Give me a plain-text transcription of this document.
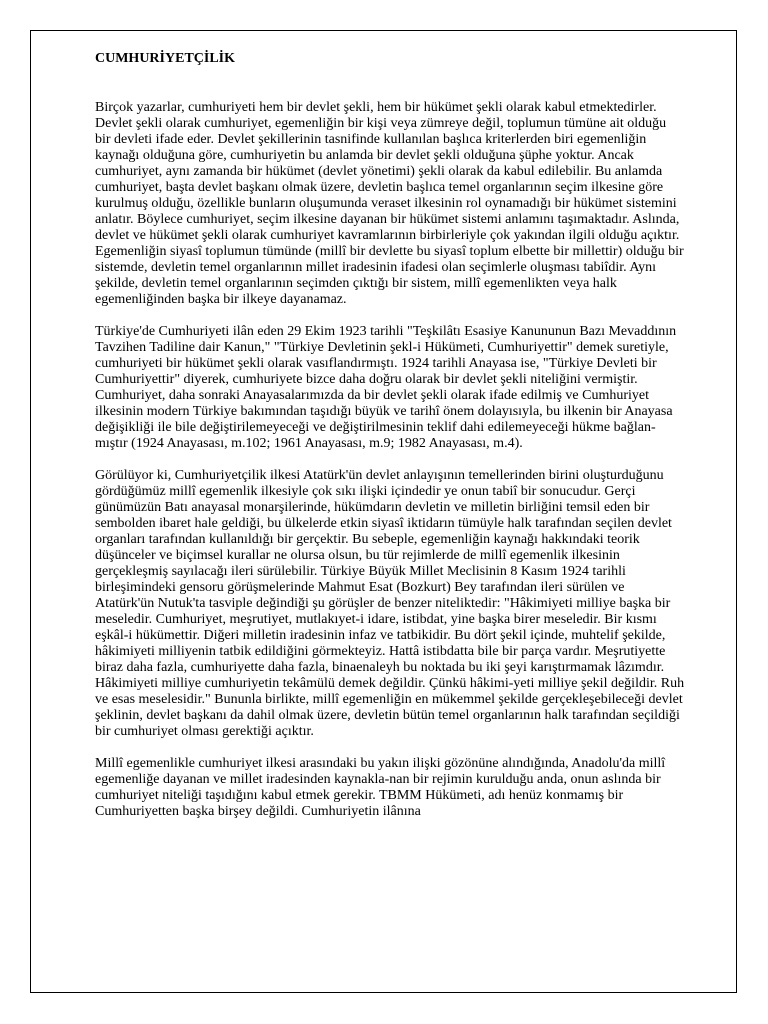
CUMHURİYETÇİLİK

Birçok yazarlar, cumhuriyeti hem bir devlet şekli, hem bir hükümet şekli olarak kabul etmektedirler. Devlet şekli olarak cumhuriyet, egemenliğin bir kişi veya zümreye değil, toplumun tümüne ait olduğu bir devleti ifade eder. Devlet şekillerinin tasnifinde kullanılan başlıca kriterlerden biri egemenliğin kaynağı olduğuna göre, cumhuriyetin bu anlamda bir devlet şekli olduğuna şüphe yoktur. Ancak cumhuriyet, aynı zamanda bir hükümet (devlet yönetimi) şekli olarak da kabul edilebilir. Bu anlamda cumhuriyet, başta devlet başkanı olmak üzere, devletin başlıca temel organlarının seçim ilkesine göre kurulmuş olduğu, özellikle bunların oluşumunda veraset ilkesinin rol oynamadığı bir hükümet sistemini anlatır. Böylece cumhuriyet, seçim ilkesine dayanan bir hükümet sistemi anlamını taşımaktadır. Aslında, devlet ve hükümet şekli olarak cumhuriyet kavramlarının birbirleriyle çok yakından ilgili olduğu açıktır. Egemenliğin siyasî toplumun tümünde (millî bir devlette bu siyasî toplum elbette bir millettir) olduğu bir sistemde, devletin temel organlarının millet iradesinin ifadesi olan seçimlerle oluşması tabiîdir. Aynı şekilde, devletin temel organlarının seçimden çıktığı bir sistem, millî egemenlikten veya halk egemenliğinden başka bir ilkeye dayanamaz.

Türkiye'de Cumhuriyeti ilân eden 29 Ekim 1923 tarihli "Teşkilâtı Esasiye Kanununun Bazı Mevaddının Tavzihen Tadiline dair Kanun," "Türkiye Devletinin şekl-i Hükümeti, Cumhuriyettir" demek suretiyle, cumhuriyeti bir hükümet şekli olarak vasıflandırmıştı. 1924 tarihli Anayasa ise, "Türkiye Devleti bir Cumhuriyettir" diyerek, cumhuriyete bizce daha doğru olarak bir devlet şekli niteliğini vermiştir. Cumhuriyet, daha sonraki Anayasalarımızda da bir devlet şekli olarak ifade edilmiş ve Cumhuriyet ilkesinin modern Türkiye bakımından taşıdığı büyük ve tarihî önem dolayısıyla, bu ilkenin bir Anayasa değişikliği ile bile değiştirilemeyeceği ve değiştirilmesinin teklif dahi edilemeyeceği hükme bağlan-mıştır (1924 Anayasası, m.102; 1961 Anayasası, m.9; 1982 Anayasası, m.4).

Görülüyor ki, Cumhuriyetçilik ilkesi Atatürk'ün devlet anlayışının temellerinden birini oluşturduğunu gördüğümüz millî egemenlik ilkesiyle çok sıkı ilişki içindedir ye onun tabiî bir sonucudur. Gerçi günümüzün Batı anayasal monarşilerinde, hükümdarın devletin ve milletin birliğini temsil eden bir sembolden ibaret hale geldiği, bu ülkelerde etkin siyasî iktidarın tümüyle halk tarafından seçilen devlet organları tarafından kullanıldığı bir gerçektir. Bu sebeple, egemenliğin kaynağı hakkındaki teorik düşünceler ve biçimsel kurallar ne olursa olsun, bu tür rejimlerde de millî egemenlik ilkesinin gerçekleşmiş sayılacağı ileri sürülebilir. Türkiye Büyük Millet Meclisinin 8 Kasım 1924 tarihli birleşimindeki gensoru görüşmelerinde Mahmut Esat (Bozkurt) Bey tarafından ileri sürülen ve Atatürk'ün Nutuk'ta tasviple değindiği şu görüşler de benzer niteliktedir: "Hâkimiyeti milliye başka bir meseledir. Cumhuriyet, meşrutiyet, mutlakıyet-i idare, istibdat, yine başka birer meseledir. Bir kısmı eşkâl-i hükümettir. Diğeri milletin iradesinin infaz ve tatbikidir. Bu dört şekil içinde, muhtelif şekilde, hâkimiyeti milliyenin tatbik edildiğini görmekteyiz. Hattâ istibdatta bile bir parça vardır. Meşrutiyette biraz daha fazla, cumhuriyette daha fazla, binaenaleyh bu noktada bu iki şeyi karıştırmamak lâzımdır. Hâkimiyeti milliye cumhuriyetin tekâmülü demek değildir. Çünkü hâkimi-yeti milliye şekil değildir. Ruh ve esas meselesidir." Bununla birlikte, millî egemenliğin en mükemmel şekilde gerçekleşebileceği devlet şeklinin, devlet başkanı da dahil olmak üzere, devletin bütün temel organlarının halk tarafından seçildiği bir cumhuriyet olması gerektiği açıktır.

Millî egemenlikle cumhuriyet ilkesi arasındaki bu yakın ilişki gözönüne alındığında, Anadolu'da millî egemenliğe dayanan ve millet iradesinden kaynakla-nan bir rejimin kurulduğu anda, onun aslında bir cumhuriyet niteliği taşıdığını kabul etmek gerekir. TBMM Hükümeti, adı henüz konmamış bir Cumhuriyetten başka birşey değildi. Cumhuriyetin ilânına
